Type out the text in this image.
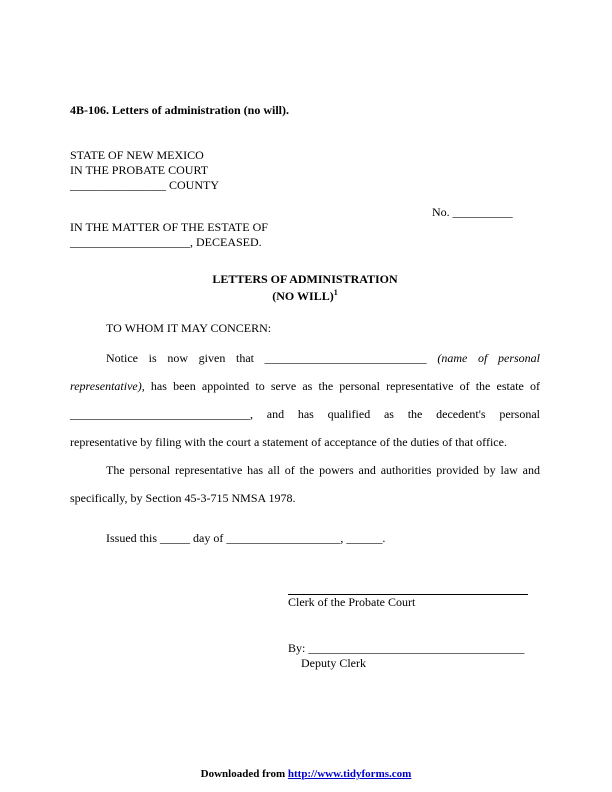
4B-106. Letters of administration (no will).
STATE OF NEW MEXICO
IN THE PROBATE COURT
________________ COUNTY
No. __________
IN THE MATTER OF THE ESTATE OF
____________________, DECEASED.
LETTERS OF ADMINISTRATION
(NO WILL)$^1$
TO WHOM IT MAY CONCERN:
Notice is now given that ___________________________ (name of personal
representative), has been appointed to serve as the personal representative of the estate of
______________________________, and has qualified as the decedent's personal
representative by filing with the court a statement of acceptance of the duties of that office.
The personal representative has all of the powers and authorities provided by law and
specifically, by Section 45-3-715 NMSA 1978.
Issued this _____ day of ___________________, ______.
Clerk of the Probate Court
By: ____________________________________
Deputy Clerk
Downloaded from http://www.tidyforms.com
